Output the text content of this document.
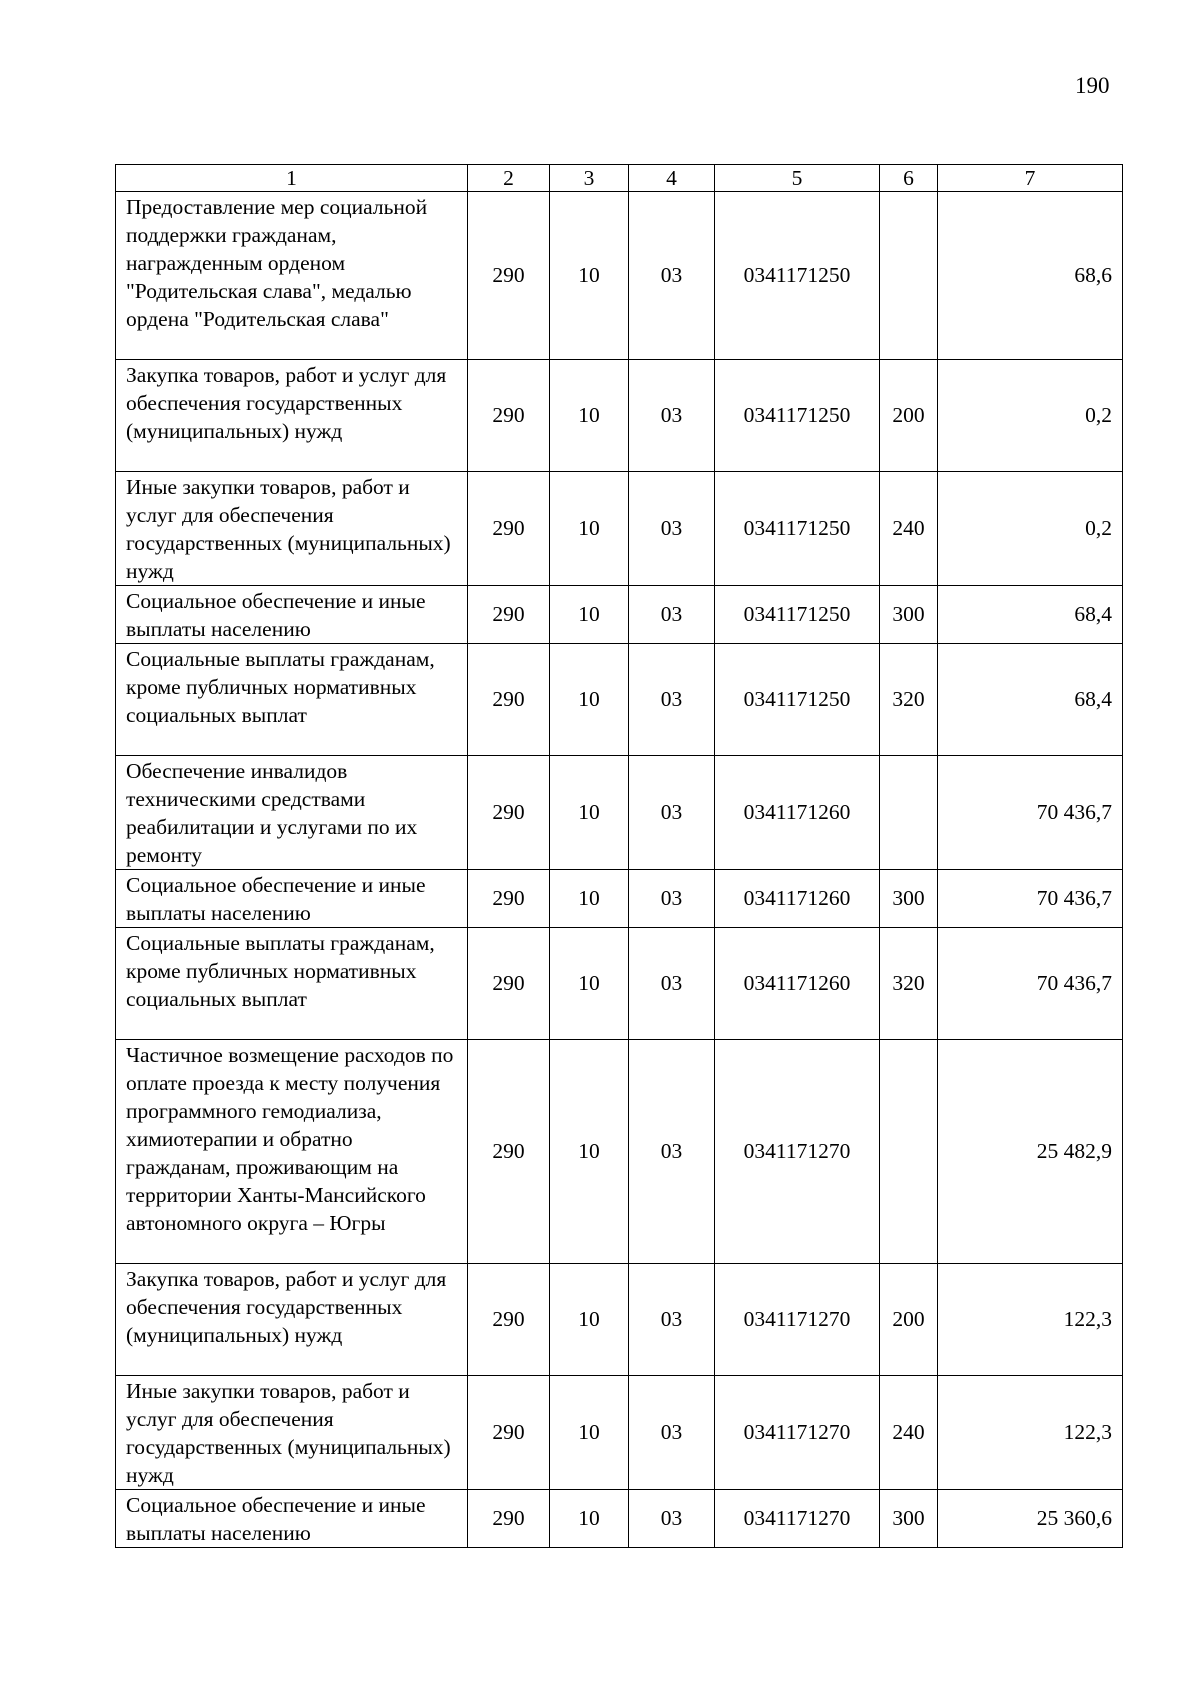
190
1	2	3	4	5	6	7
Предоставление мер социальной поддержки гражданам, награжденным орденом "Родительская слава", медалью ордена "Родительская слава"	290	10	03	0341171250		68,6
Закупка товаров, работ и услуг для обеспечения государственных (муниципальных) нужд	290	10	03	0341171250	200	0,2
Иные закупки товаров, работ и услуг для обеспечения государственных (муниципальных) нужд	290	10	03	0341171250	240	0,2
Социальное обеспечение и иные выплаты населению	290	10	03	0341171250	300	68,4
Социальные выплаты гражданам, кроме публичных нормативных социальных выплат	290	10	03	0341171250	320	68,4
Обеспечение инвалидов техническими средствами реабилитации и услугами по их ремонту	290	10	03	0341171260		70 436,7
Социальное обеспечение и иные выплаты населению	290	10	03	0341171260	300	70 436,7
Социальные выплаты гражданам, кроме публичных нормативных социальных выплат	290	10	03	0341171260	320	70 436,7
Частичное возмещение расходов по оплате проезда к месту получения программного гемодиализа, химиотерапии и обратно гражданам, проживающим на территории Ханты-Мансийского автономного округа – Югры	290	10	03	0341171270		25 482,9
Закупка товаров, работ и услуг для обеспечения государственных (муниципальных) нужд	290	10	03	0341171270	200	122,3
Иные закупки товаров, работ и услуг для обеспечения государственных (муниципальных) нужд	290	10	03	0341171270	240	122,3
Социальное обеспечение и иные выплаты населению	290	10	03	0341171270	300	25 360,6
